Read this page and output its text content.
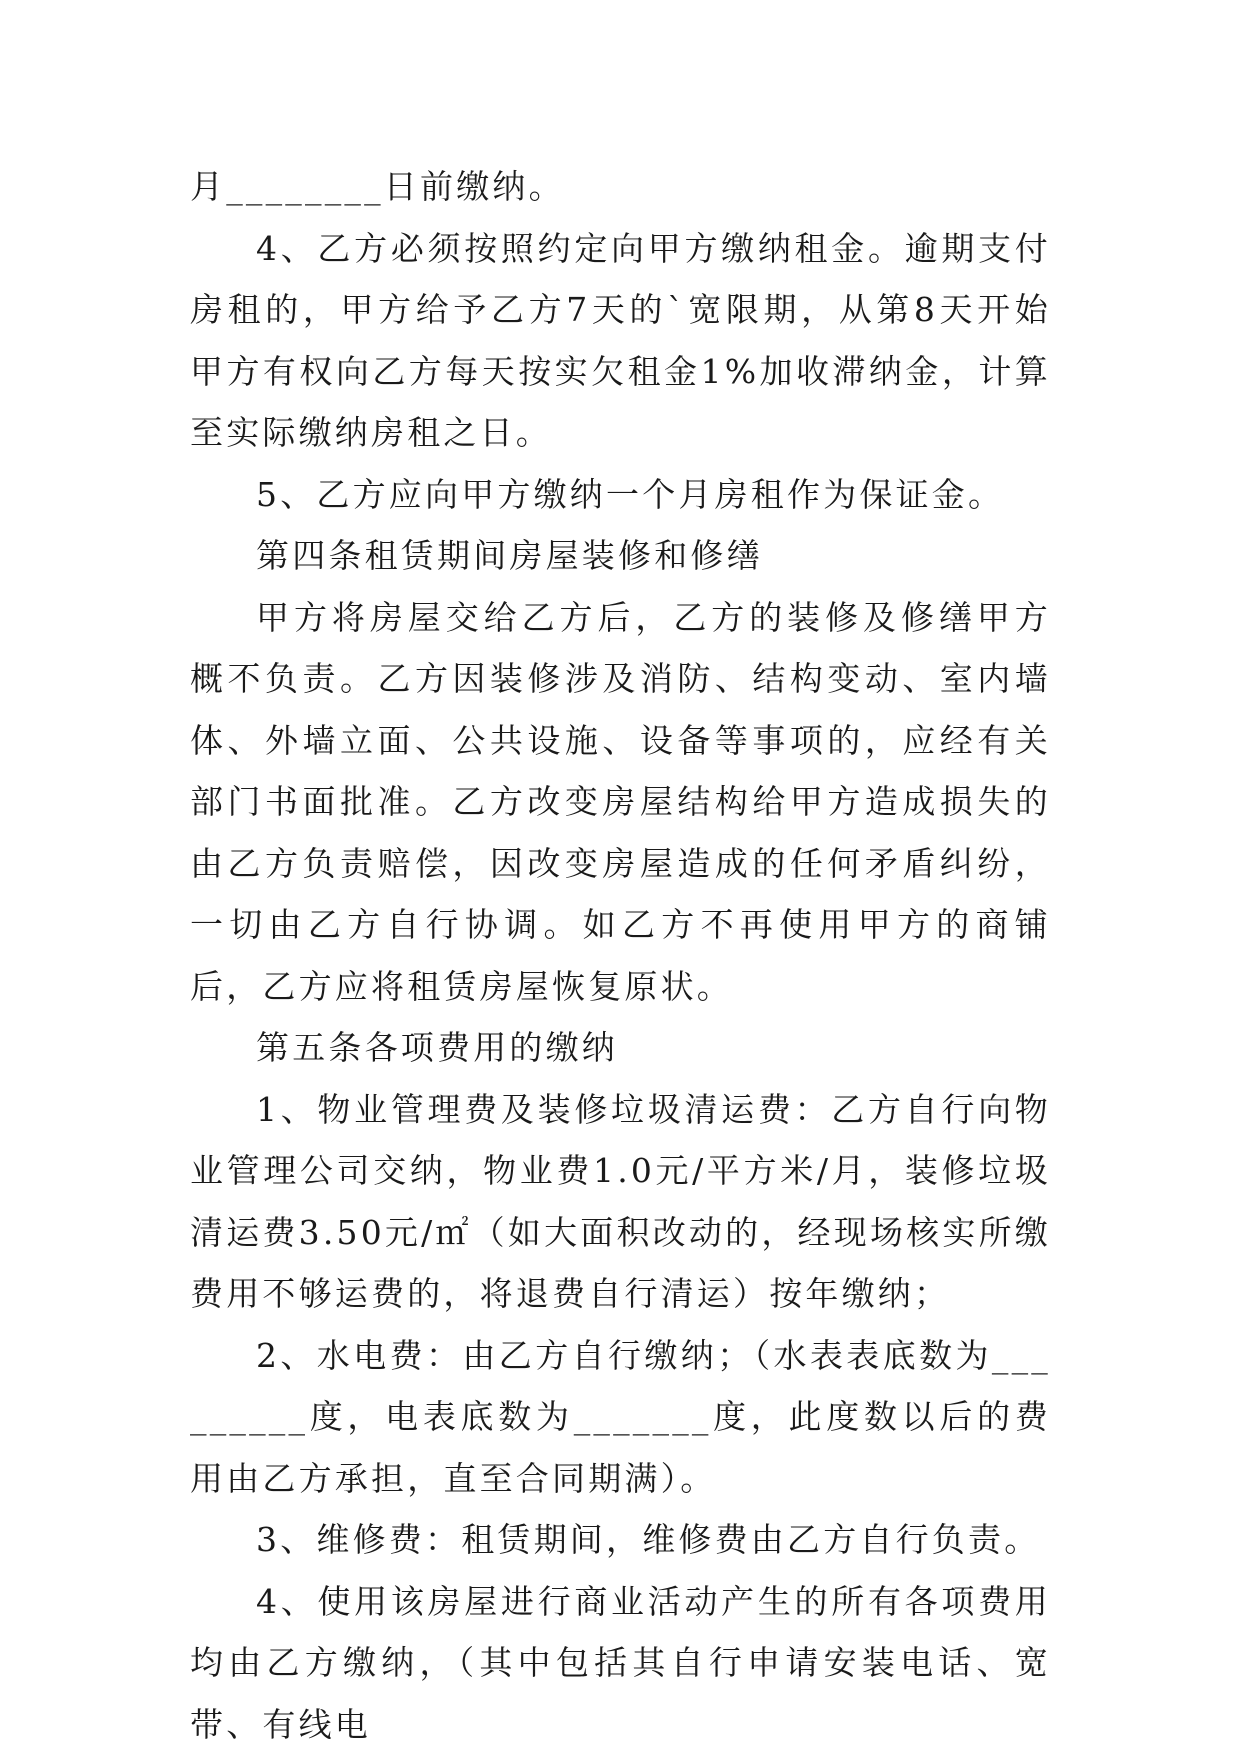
月________日前缴纳。

4、乙方必须按照约定向甲方缴纳租金。逾期支付房租的，甲方给予乙方7天的`宽限期，从第8天开始甲方有权向乙方每天按实欠租金1%加收滞纳金，计算至实际缴纳房租之日。

5、乙方应向甲方缴纳一个月房租作为保证金。

第四条租赁期间房屋装修和修缮

甲方将房屋交给乙方后，乙方的装修及修缮甲方概不负责。乙方因装修涉及消防、结构变动、室内墙体、外墙立面、公共设施、设备等事项的，应经有关部门书面批准。乙方改变房屋结构给甲方造成损失的由乙方负责赔偿，因改变房屋造成的任何矛盾纠纷，一切由乙方自行协调。如乙方不再使用甲方的商铺后，乙方应将租赁房屋恢复原状。

第五条各项费用的缴纳

1、物业管理费及装修垃圾清运费：乙方自行向物业管理公司交纳，物业费1.0元/平方米/月，装修垃圾清运费3.50元/㎡（如大面积改动的，经现场核实所缴费用不够运费的，将退费自行清运）按年缴纳；

2、水电费：由乙方自行缴纳；（水表表底数为_________度，电表底数为_______度，此度数以后的费用由乙方承担，直至合同期满）。

3、维修费：租赁期间，维修费由乙方自行负责。

4、使用该房屋进行商业活动产生的所有各项费用均由乙方缴纳，（其中包括其自行申请安装电话、宽带、有线电
